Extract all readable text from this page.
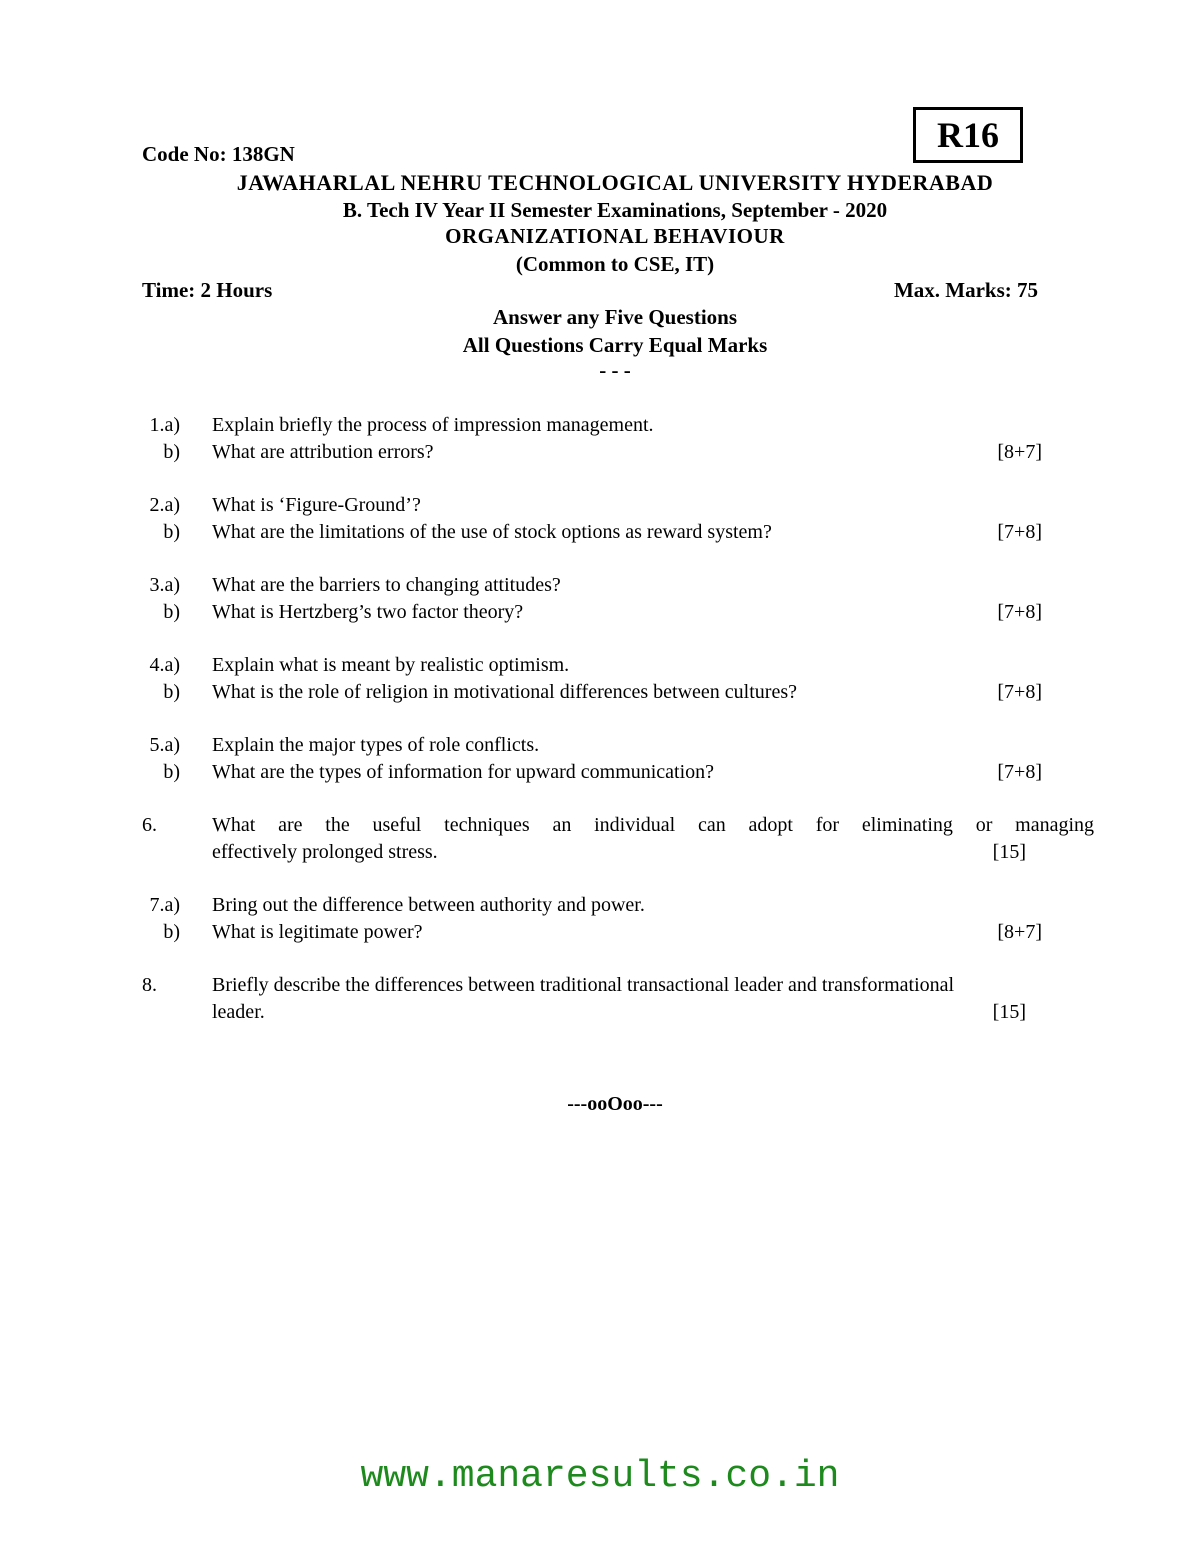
R16
Code No: 138GN
JAWAHARLAL NEHRU TECHNOLOGICAL UNIVERSITY HYDERABAD
B. Tech IV Year II Semester Examinations, September - 2020
ORGANIZATIONAL BEHAVIOUR
(Common to CSE, IT)
Time: 2 Hours	Max. Marks: 75
Answer any Five Questions
All Questions Carry Equal Marks
- - -
1.a) Explain briefly the process of impression management.
b) What are attribution errors?	[8+7]
2.a) What is ‘Figure-Ground’?
b) What are the limitations of the use of stock options as reward system?	[7+8]
3.a) What are the barriers to changing attitudes?
b) What is Hertzberg’s two factor theory?	[7+8]
4.a) Explain what is meant by realistic optimism.
b) What is the role of religion in motivational differences between cultures?	[7+8]
5.a) Explain the major types of role conflicts.
b) What are the types of information for upward communication?	[7+8]
6.	What are the useful techniques an individual can adopt for eliminating or managing
effectively prolonged stress.	[15]
7.a) Bring out the difference between authority and power.
b) What is legitimate power?	[8+7]
8.	Briefly describe the differences between traditional transactional leader and transformational
leader.	[15]
---ooOoo---
www.manaresults.co.in
